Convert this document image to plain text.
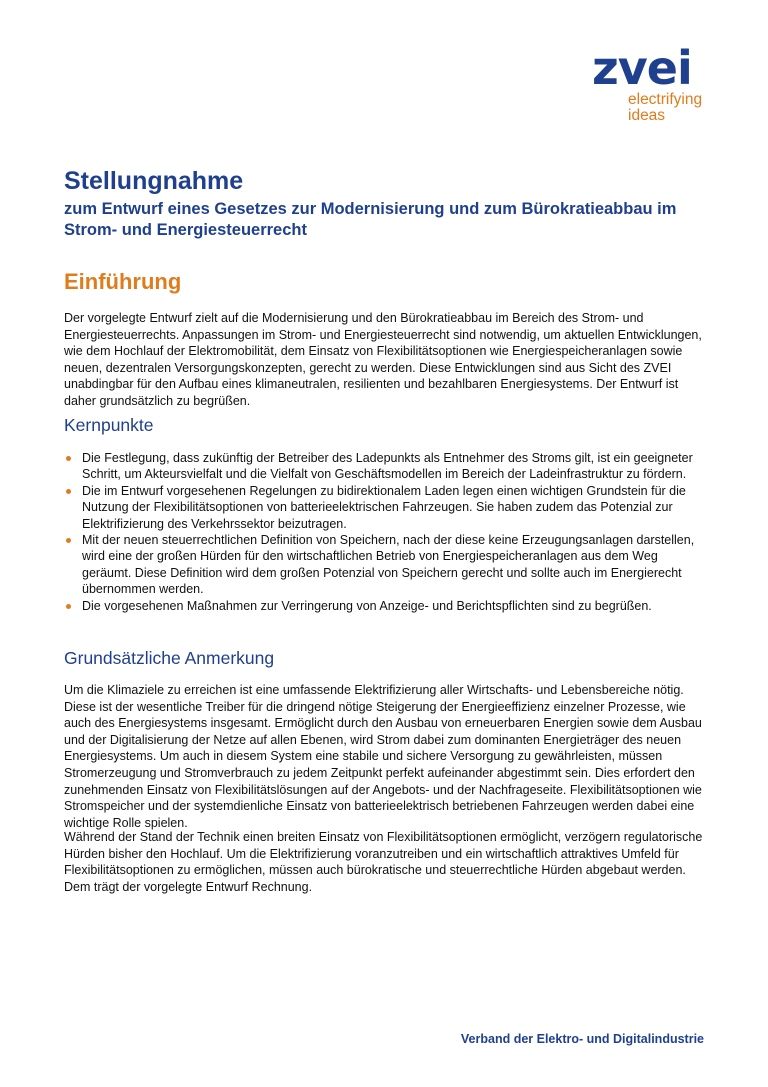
zvei
electrifying
ideas
Stellungnahme

zum Entwurf eines Gesetzes zur Modernisierung und zum Bürokratieabbau im Strom- und Energiesteuerrecht

Einführung

Der vorgelegte Entwurf zielt auf die Modernisierung und den Bürokratieabbau im Bereich des Strom- und Energiesteuerrechts. Anpassungen im Strom- und Energiesteuerrecht sind notwendig, um aktuellen Entwicklungen, wie dem Hochlauf der Elektromobilität, dem Einsatz von Flexibilitätsoptionen wie Energiespeicheranlagen sowie neuen, dezentralen Versorgungskonzepten, gerecht zu werden. Diese Entwicklungen sind aus Sicht des ZVEI unabdingbar für den Aufbau eines klimaneutralen, resilienten und bezahlbaren Energiesystems. Der Entwurf ist daher grundsätzlich zu begrüßen.

Kernpunkte
Die Festlegung, dass zukünftig der Betreiber des Ladepunkts als Entnehmer des Stroms gilt, ist ein geeigneter Schritt, um Akteursvielfalt und die Vielfalt von Geschäftsmodellen im Bereich der Ladeinfrastruktur zu fördern.
Die im Entwurf vorgesehenen Regelungen zu bidirektionalem Laden legen einen wichtigen Grundstein für die Nutzung der Flexibilitätsoptionen von batterieelektrischen Fahrzeugen. Sie haben zudem das Potenzial zur Elektrifizierung des Verkehrssektor beizutragen.
Mit der neuen steuerrechtlichen Definition von Speichern, nach der diese keine Erzeugungsanlagen darstellen, wird eine der großen Hürden für den wirtschaftlichen Betrieb von Energiespeicheranlagen aus dem Weg geräumt. Diese Definition wird dem großen Potenzial von Speichern gerecht und sollte auch im Energierecht übernommen werden.
Die vorgesehenen Maßnahmen zur Verringerung von Anzeige- und Berichtspflichten sind zu begrüßen.
Grundsätzliche Anmerkung

Um die Klimaziele zu erreichen ist eine umfassende Elektrifizierung aller Wirtschafts- und Lebensbereiche nötig. Diese ist der wesentliche Treiber für die dringend nötige Steigerung der Energieeffizienz einzelner Prozesse, wie auch des Energiesystems insgesamt. Ermöglicht durch den Ausbau von erneuerbaren Energien sowie dem Ausbau und der Digitalisierung der Netze auf allen Ebenen, wird Strom dabei zum dominanten Energieträger des neuen Energiesystems. Um auch in diesem System eine stabile und sichere Versorgung zu gewährleisten, müssen Stromerzeugung und Stromverbrauch zu jedem Zeitpunkt perfekt aufeinander abgestimmt sein. Dies erfordert den zunehmenden Einsatz von Flexibilitätslösungen auf der Angebots- und der Nachfrageseite. Flexibilitätsoptionen wie Stromspeicher und der systemdienliche Einsatz von batterieelektrisch betriebenen Fahrzeugen werden dabei eine wichtige Rolle spielen.

Während der Stand der Technik einen breiten Einsatz von Flexibilitätsoptionen ermöglicht, verzögern regulatorische Hürden bisher den Hochlauf. Um die Elektrifizierung voranzutreiben und ein wirtschaftlich attraktives Umfeld für Flexibilitätsoptionen zu ermöglichen, müssen auch bürokratische und steuerrechtliche Hürden abgebaut werden. Dem trägt der vorgelegte Entwurf Rechnung.

Verband der Elektro- und Digitalindustrie
